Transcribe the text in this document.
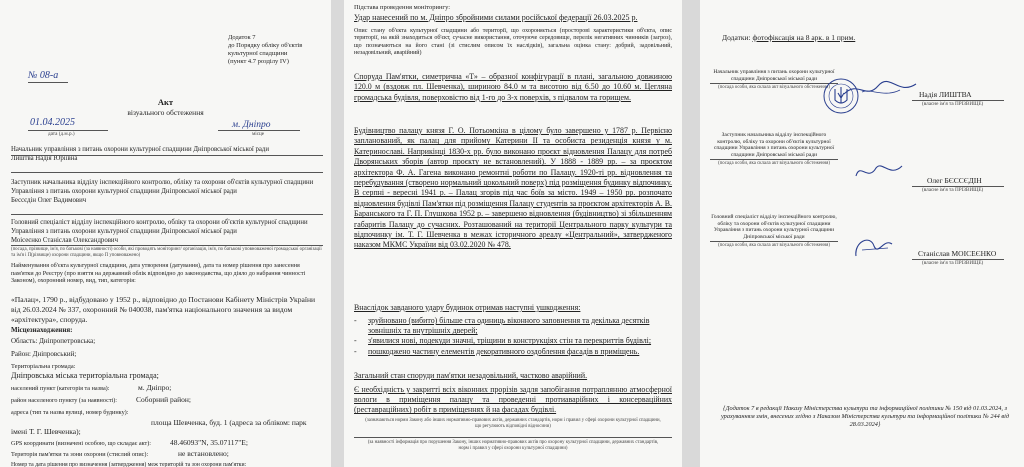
Додаток 7
до Порядку обліку об'єктів
культурної спадщини
(пункт 4.7 розділу IV)
№ 08-а
Акт
візуального обстеження
01.04.2025
дата (д.м.р.)
м. Дніпро
місце
Начальник управління з питань охорони культурної спадщини Дніпровської міської ради
Лиштва Надія Юріївна
Заступник начальника відділу інспекційного контролю, обліку та охорони об'єктів культурної спадщини Управління з питань охорони культурної спадщини Дніпровської міської ради
Бессєдін Олег Вадимович
Головний спеціаліст відділу інспекційного контролю, обліку та охорони об'єктів культурної спадщини Управління з питань охорони культурної спадщини Дніпровської міської ради
Моісеєнко Станіслав Олександрович
(посада, прізвище, ім'я, по батькові (за наявності) особи, які проводять моніторинг/ організація, ім'я, по батькові уповноваженої громадської організації та ім'я і П(різвище) охорони спадщини, якщо П уповноважено)
Найменування об'єкта культурної спадщини, дата утворення (датування), дата та номер рішення про занесення пам'ятки до Реєстру (про взяття на державний облік відповідно до законодавства, що діяло до набрання чинності Законом), охоронний номер, вид, тип, категорія:
«Палац», 1790 р., відбудовано у 1952 р., відповідно до Постанови Кабінету Міністрів України від 26.03.2024 № 337, охоронний № 040038, пам'ятка національного значення за видом «архітектура», споруда.
Місцезнаходження:
Область: Дніпропетровська;
Район: Дніпровський;
Територіальна громада:
Дніпровська міська територіальна громада;
населений пункт (категорія та назва):	м. Дніпро;
район населеного пункту (за наявності):	Соборний район;
адреса (тип та назва вулиці, номер будинку):
площа Шевченка, буд. 1 (адреса за обліком: парк імені Т. Г. Шевченка);
GPS координати (визначені особою, що складає акт):	48.46093"N, 35.07117"E;
Територія пам'ятки та зони охорони (стислий опис):	не встановлено;
Номер та дата рішення про визначення (затвердження) меж територій та зон охорони пам'ятки:
Підстава проведення моніторингу:
Удар нанесений по м. Дніпро збройними силами російської федерації 26.03.2025 р.
Опис стану об'єкта культурної спадщини або території, що охороняється (просторові характеристики об'єкта, опис території, на якій знаходиться об'єкт, сучасне використання, оточуюче середовище, перелік негативних чинників (загроз), що позначаються на його стані (зі стислим описом їх наслідків), загальна оцінка стану: добрий, задовільний, незадовільний, аварійний)
Споруда Пам'ятки, симетрична «Т» – образної конфігурації в плані, загальною довжиною 120.0 м (вздовж пл. Шевченка), шириною 84.0 м та висотою від 6.50 до 10.60 м. Цегляна громадська будівля, поверховістю від 1-го до 3-х поверхів, з підвалом та горищем.
Будівництво палацу князя Г. О. Потьомкіна в цілому було завершено у 1787 р. Первісно запланований, як палац для прийому Катерини ІІ та особиста резиденція князя у м. Катеринославі. Наприкінці 1830-х рр. було виконано проєкт відновлення Палацу для потреб Дворянських зборів (автор проєкту не встановлений). У 1888 - 1889 рр. – за проєктом архітектора Ф. А. Гагена виконано ремонтні роботи по Палацу. 1920-ті рр. відновлення та перебудування (створено нормальний цокольний поверх) під розміщення будинку відпочинку. В серпні - вересні 1941 р. – Палац згорів під час боїв за місто. 1949 – 1950 рр. розпочато відновлення будівлі Пам'ятки під розміщення Палацу студентів за проєктом архітекторів А. В. Баранського та Г. П. Глушкова 1952 р. – завершено відновлення (будівництво) зі збільшенням габаритів Палацу до сучасних. Розташований на території Центрального парку культури та відпочинку ім. Т. Г. Шевченка в межах історичного ареалу «Центральний», затвердженого наказом МКМС України від 03.02.2020 № 478.
Внаслідок завданого удару будинок отримав наступні ушкодження:
-	зруйновано (вибито) більше ста одиниць віконного заповнення та декілька десятків зовнішніх та внутрішніх дверей;
-	з'явилися нові, подекуди значні, тріщини в конструкціях стін та перекриттів будівлі;
-	пошкоджено частину елементів декоративного оздоблення фасадів в приміщень.
Загальний стан споруди пам'ятки незадовільний, частково аварійний.
Є необхідність у закритті всіх віконних прорізів задля запобігання потраплянню атмосферної вологи в приміщення палацу та проведенні протиаварійних і консерваційних (реставраційних) робіт в приміщеннях й на фасадах будівлі.
(зазначаються норми Закону або інших нормативно-правових актів, державних стандартів, норм і правил у сфері охорони культурної спадщини, що регулюють відповідні відносини)
(за наявності інформація про порушення Закону, інших нормативно-правових актів про охорону культурної спадщини, державних стандартів, норм і правил у сфері охорони культурної спадщини)
Додатки: фотофіксація на 8 арк. в 1 прим.
Начальник управління з питань охорони культурної спадщини Дніпровської міської ради
(посада особи, яка склала акт візуального обстеження)
Надія ЛИШТВА
(власне ім'я та ПРІЗВИЩЕ)
Заступник начальника відділу інспекційного контролю, обліку та охорони об'єктів культурної спадщини Управління з питань охорони культурної спадщини Дніпровської міської ради
(посада особи, яка склала акт візуального обстеження)
Олег БЄССЄДІН
(власне ім'я та ПРІЗВИЩЕ)
Головний спеціаліст відділу інспекційного контролю, обліку та охорони об'єктів культурної спадщини Управління з питань охорони культурної спадщини Дніпровської міської ради
(посада особи, яка склала акт візуального обстеження)
Станіслав МОІСЕЄНКО
(власне ім'я та ПРІЗВИЩЕ)
{Додаток 7 в редакції Наказу Міністерства культури та інформаційної політики № 150 від 01.03.2024, з урахуванням змін, внесених згідно з Наказом Міністерства культури та інформаційної політики № 244 від 28.03.2024}
